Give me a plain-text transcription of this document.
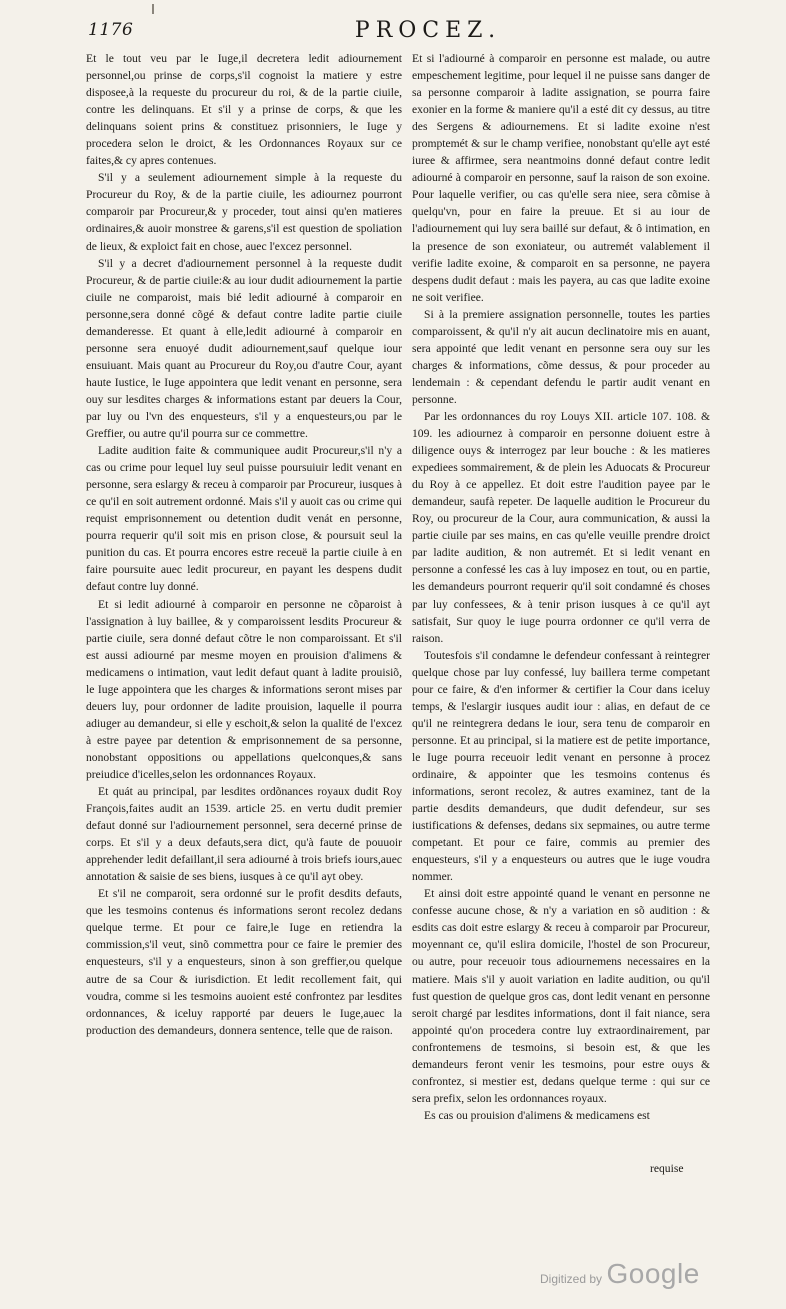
1176	PROCEZ.

Et le tout veu par le Iuge,il decretera ledit adiournement personnel,ou prinse de corps,s'il cognoist la matiere y estre disposee,à la requeste du procureur du roi, & de la partie ciuile, contre les delinquans. Et s'il y a prinse de corps, & que les delinquans soient prins & constituez prisonniers, le Iuge y procedera selon le droict, & les Ordonnances Royaux sur ce faites,& cy apres contenues.

S'il y a seulement adiournement simple à la requeste du Procureur du Roy, & de la partie ciuile, les adiournez pourront comparoir par Procureur,& y proceder, tout ainsi qu'en matieres ordinaires,& auoir monstree & garens,s'il est question de spoliation de lieux, & exploict fait en chose, auec l'excez personnel.

S'il y a decret d'adiournement personnel à la requeste dudit Procureur, & de partie ciuile:& au iour dudit adiournement la partie ciuile ne comparoist, mais bié ledit adiourné à comparoir en personne,sera donné cõgé & defaut contre ladite partie ciuile demanderesse. Et quant à elle,ledit adiourné à comparoir en personne sera enuoyé dudit adiournement,sauf quelque iour ensuiuant. Mais quant au Procureur du Roy,ou d'autre Cour, ayant haute Iustice, le Iuge appointera que ledit venant en personne, sera ouy sur lesdites charges & informations estant par deuers la Cour, par luy ou l'vn des enquesteurs, s'il y a enquesteurs,ou par le Greffier, ou autre qu'il pourra sur ce commettre.

Ladite audition faite & communiquee audit Procureur,s'il n'y a cas ou crime pour lequel luy seul puisse poursuiuir ledit venant en personne, sera eslargy & receu à comparoir par Procureur, iusques à ce qu'il en soit autrement ordonné. Mais s'il y auoit cas ou crime qui requist emprisonnement ou detention dudit venát en personne, pourra requerir qu'il soit mis en prison close, & poursuit seul la punition du cas. Et pourra encores estre receuë la partie ciuile à en faire poursuite auec ledit procureur, en payant les despens dudit defaut contre luy donné.

Et si ledit adiourné à comparoir en personne ne cõparoist à l'assignation à luy baillee, & y comparoissent lesdits Procureur & partie ciuile, sera donné defaut cõtre le non comparoissant. Et s'il est aussi adiourné par mesme moyen en prouision d'alimens & medicamens o intimation, vaut ledit defaut quant à ladite prouisiõ, le Iuge appointera que les charges & informations seront mises par deuers luy, pour ordonner de ladite prouision, laquelle il pourra adiuger au demandeur, si elle y eschoit,& selon la qualité de l'excez à estre payee par detention & emprisonnement de sa personne, nonobstant oppositions ou appellations quelconques,& sans preiudice d'icelles,selon les ordonnances Royaux.

Et quát au principal, par lesdites ordõnances royaux dudit Roy François,faites audit an 1539. article 25. en vertu dudit premier defaut donné sur l'adiournement personnel, sera decerné prinse de corps. Et s'il y a deux defauts,sera dict, qu'à faute de pouuoir apprehender ledit defaillant,il sera adiourné à trois briefs iours,auec annotation & saisie de ses biens, iusques à ce qu'il ayt obey.

Et s'il ne comparoit, sera ordonné sur le profit desdits defauts, que les tesmoins contenus és informations seront recolez dedans quelque terme. Et pour ce faire,le Iuge en retiendra la commission,s'il veut, sinõ commettra pour ce faire le premier des enquesteurs, s'il y a enquesteurs, sinon à son greffier,ou quelque autre de sa Cour & iurisdiction. Et ledit recollement fait, qui voudra, comme si les tesmoins auoient esté confrontez par lesdites ordonnances, & iceluy rapporté par deuers le Iuge,auec la production des demandeurs, donnera sentence, telle que de raison.

Et si l'adiourné à comparoir en personne est malade, ou autre empeschement legitime, pour lequel il ne puisse sans danger de sa personne comparoir à ladite assignation, se pourra faire exonier en la forme & maniere qu'il a esté dit cy dessus, au titre des Sergens & adiournemens. Et si ladite exoine n'est promptemét & sur le champ verifiee, nonobstant qu'elle ayt esté iuree & affirmee, sera neantmoins donné defaut contre ledit adiourné à comparoir en personne, sauf la raison de son exoine. Pour laquelle verifier, ou cas qu'elle sera niee, sera cõmise à quelqu'vn, pour en faire la preuue. Et si au iour de l'adiournement qui luy sera baillé sur defaut, & ô intimation, en la presence de son exoniateur, ou autremét valablement il verifie ladite exoine, & comparoit en sa personne, ne payera despens dudit defaut : mais les payera, au cas que ladite exoine ne soit verifiee.

Si à la premiere assignation personnelle, toutes les parties comparoissent, & qu'il n'y ait aucun declinatoire mis en auant, sera appointé que ledit venant en personne sera ouy sur les charges & informations, cõme dessus, & pour proceder au lendemain : & cependant defendu le partir audit venant en personne.

Par les ordonnances du roy Louys XII. article 107. 108. & 109. les adiournez à comparoir en personne doiuent estre à diligence ouys & interrogez par leur bouche : & les matieres expediees sommairement, & de plein les Aduocats & Procureur du Roy à ce appellez. Et doit estre l'audition payee par le demandeur, saufà repeter. De laquelle audition le Procureur du Roy, ou procureur de la Cour, aura communication, & aussi la partie ciuile par ses mains, en cas qu'elle veuille prendre droict par ladite audition, & non autremét. Et si ledit venant en personne a confessé les cas à luy imposez en tout, ou en partie, les demandeurs pourront requerir qu'il soit condamné és choses par luy confessees, & à tenir prison iusques à ce qu'il ayt satisfait, Sur quoy le iuge pourra ordonner ce qu'il verra de raison.

Toutesfois s'il condamne le defendeur confessant à reintegrer quelque chose par luy confessé, luy baillera terme competant pour ce faire, & d'en informer & certifier la Cour dans iceluy temps, & l'eslargir iusques audit iour : alias, en defaut de ce qu'il ne reintegrera dedans le iour, sera tenu de comparoir en personne. Et au principal, si la matiere est de petite importance, le Iuge pourra receuoir ledit venant en personne à procez ordinaire, & appointer que les tesmoins contenus és informations, seront recolez, & autres examinez, tant de la partie desdits demandeurs, que dudit defendeur, sur ses iustifications & defenses, dedans six sepmaines, ou autre terme competant. Et pour ce faire, commis au premier des enquesteurs, s'il y a enquesteurs ou autres que le iuge voudra nommer.

Et ainsi doit estre appointé quand le venant en personne ne confesse aucune chose, & n'y a variation en sõ audition : & esdits cas doit estre eslargy & receu à comparoir par Procureur, moyennant ce, qu'il eslira domicile, l'hostel de son Procureur, ou autre, pour receuoir tous adiournemens necessaires en la matiere. Mais s'il y auoit variation en ladite audition, ou qu'il fust question de quelque gros cas, dont ledit venant en personne seroit chargé par lesdites informations, dont il fait niance, sera appointé qu'on procedera contre luy extraordinairement, par confrontemens de tesmoins, si besoin est, & que les demandeurs feront venir les tesmoins, pour estre ouys & confrontez, si mestier est, dedans quelque terme : qui sur ce sera prefix, selon les ordonnances royaux.

Es cas ou prouision d'alimens & medicamens est

requise
Digitized by Google
